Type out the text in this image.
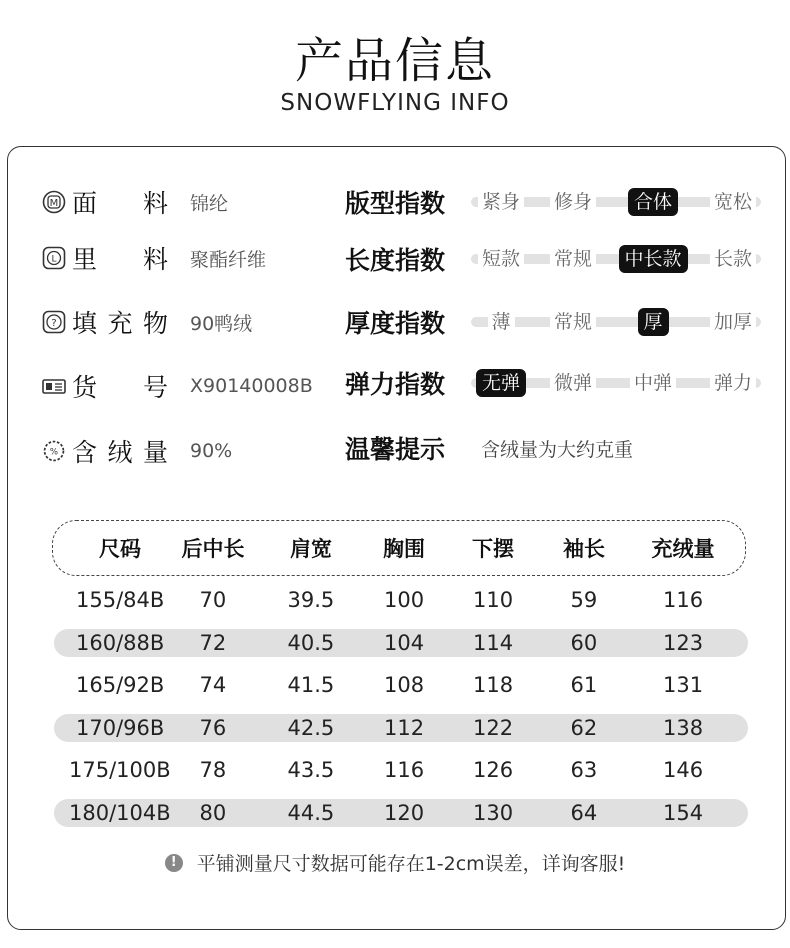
产品信息
SNOWFLYING INFO
M 面 料 锦纶
L 里 料 聚酯纤维
? 填 充 物 90鸭绒
货 号 X90140008B
% 含 绒 量 90%
版型指数	紧身 修身	合体	宽松
长度指数	短款 常规	中长款	长款
厚度指数	薄 常规	厚	加厚
弹力指数	无弹	微弹 中弹 弹力
温馨提示	含绒量为大约克重
尺码 后中长 肩宽 胸围 下摆 袖长 充绒量
155/84B 70	39.5 100 110	59	116
160/88B 72	40.5 104 114	60	123
165/92B 74	41.5 108 118	61	131
170/96B 76	42.5 112 122	62	138
175/100B 78	43.5 116 126	63	146
180/104B 80	44.5 120 130	64	154
!	平铺测量尺寸数据可能存在1-2cm误差，详询客服!
